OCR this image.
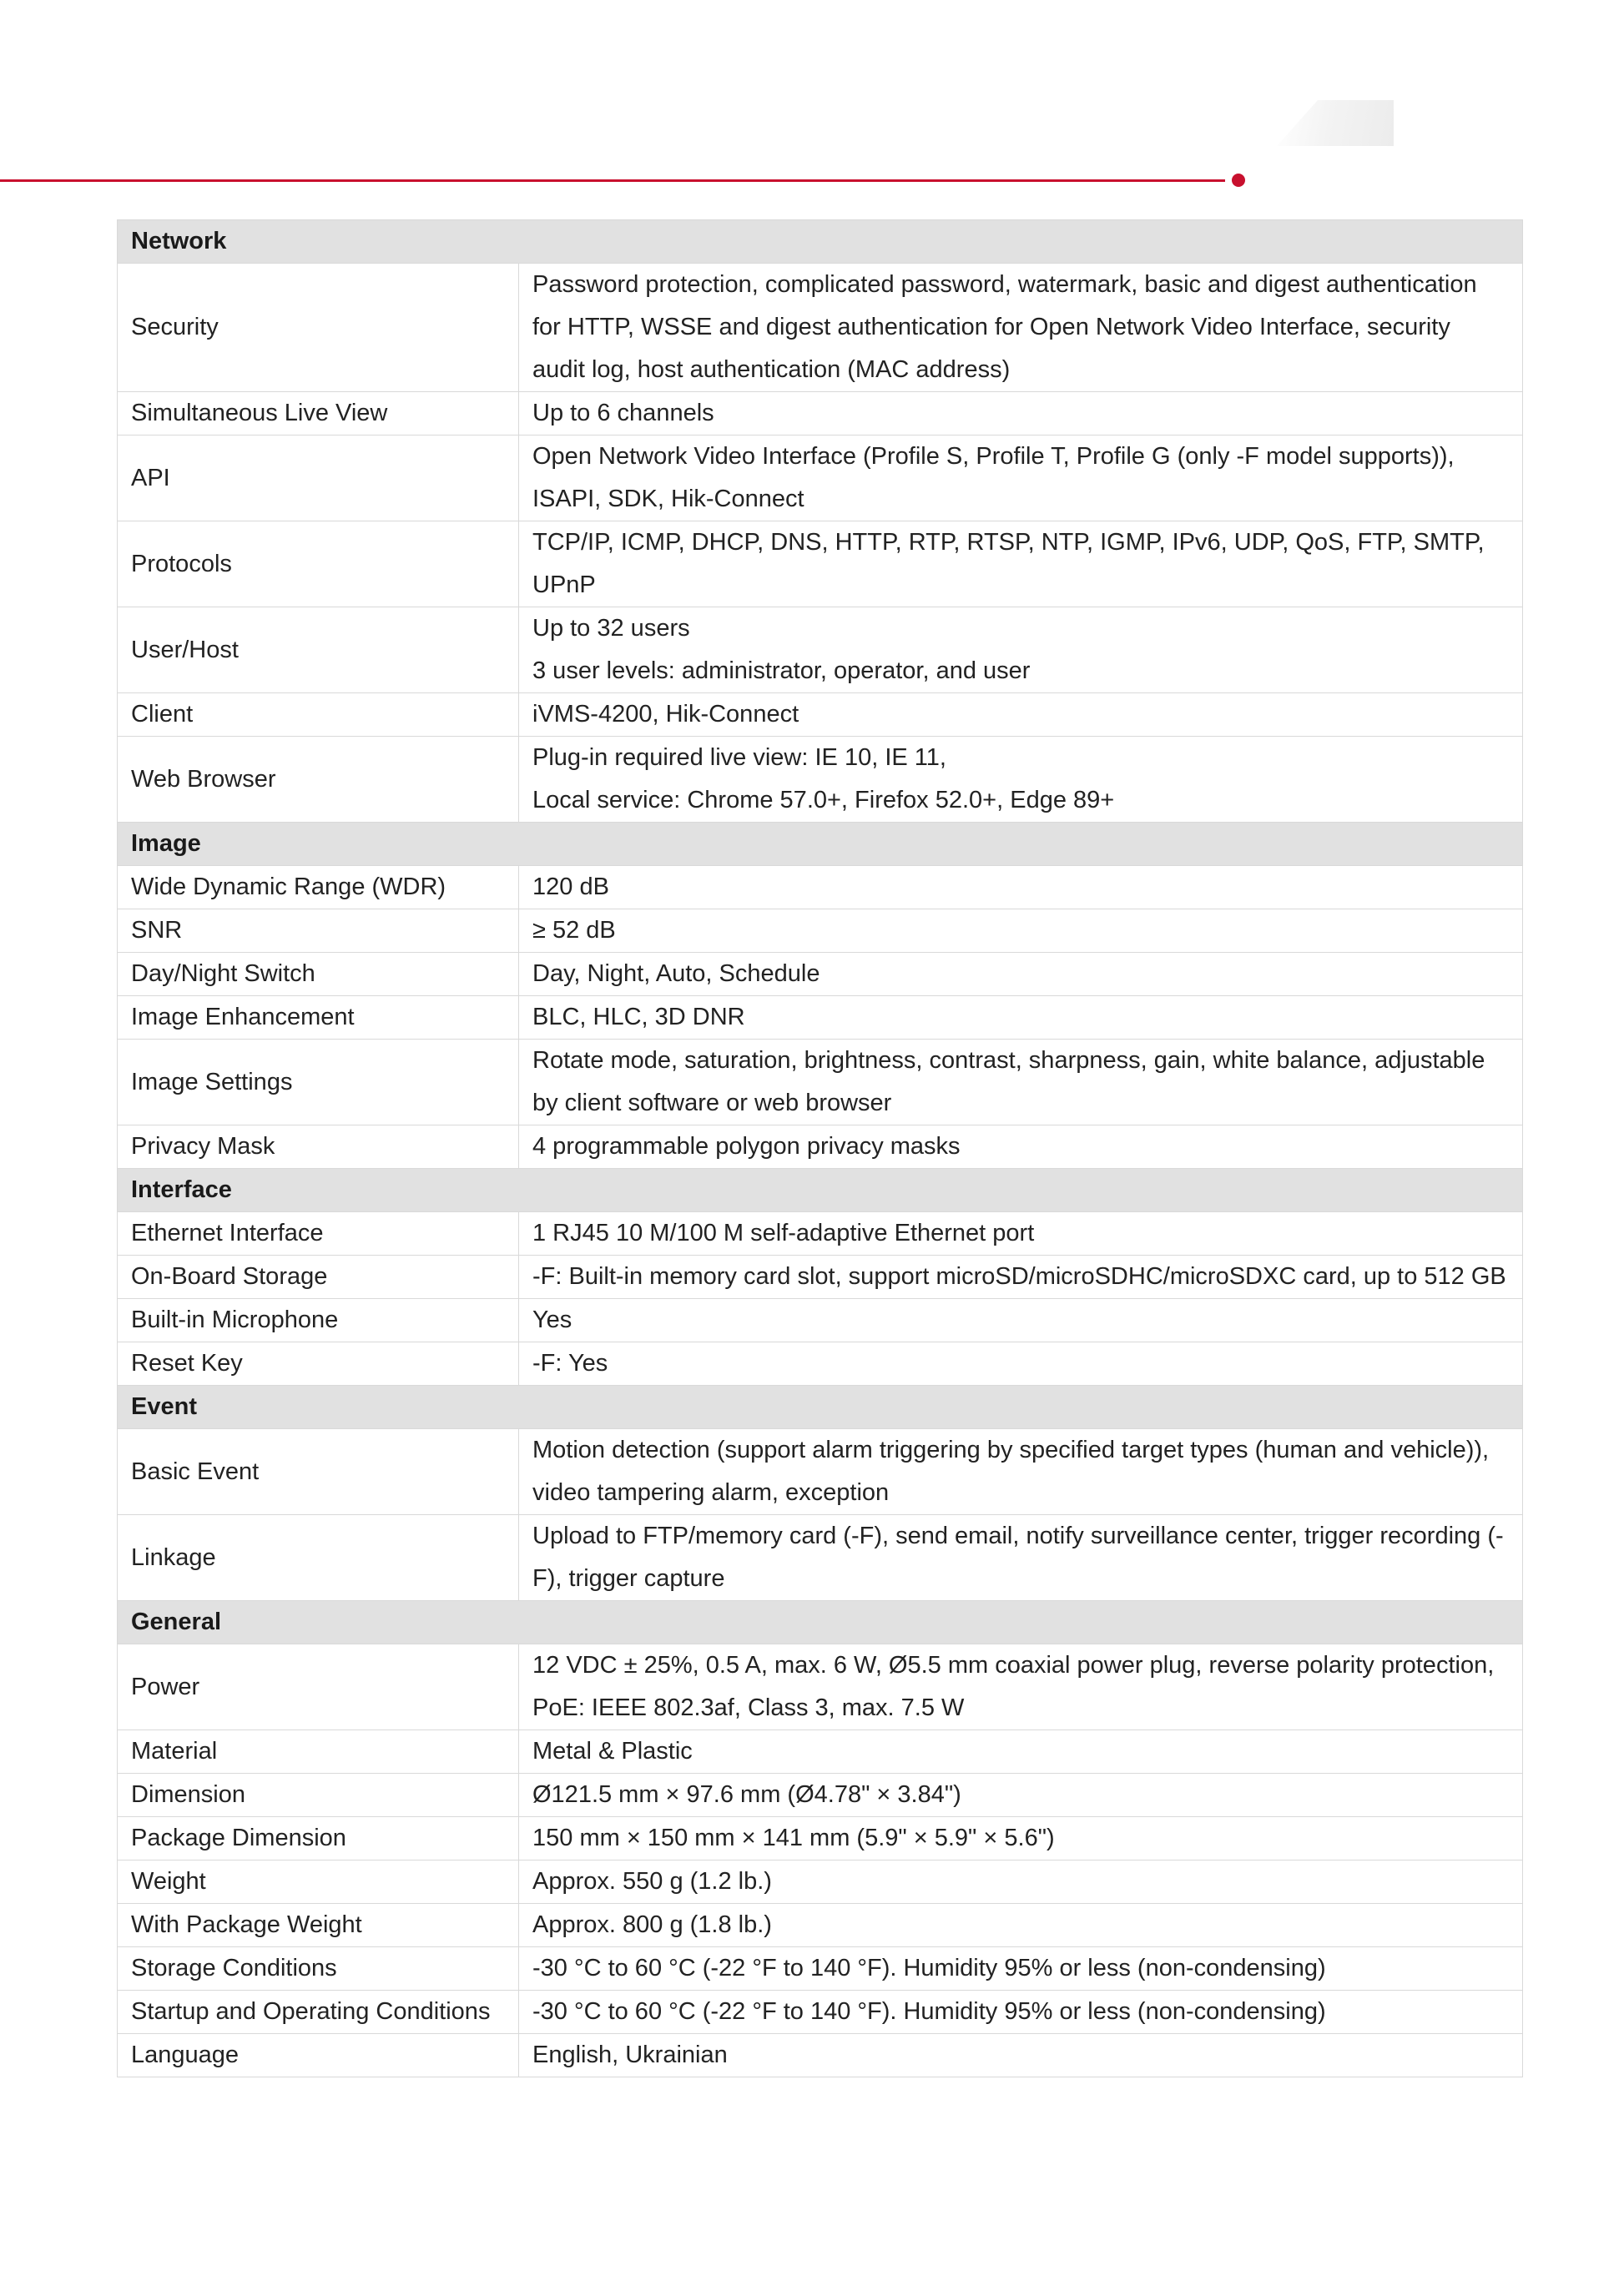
Network	
Security	Password protection, complicated password, watermark, basic and digest authentication for HTTP, WSSE and digest authentication for Open Network Video Interface, security audit log, host authentication (MAC address)
Simultaneous Live View	Up to 6 channels
API	Open Network Video Interface (Profile S, Profile T, Profile G (only -F model supports)), ISAPI, SDK, Hik-Connect
Protocols	TCP/IP, ICMP, DHCP, DNS, HTTP, RTP, RTSP, NTP, IGMP, IPv6, UDP, QoS, FTP, SMTP, UPnP
User/Host	Up to 32 users
3 user levels: administrator, operator, and user
Client	iVMS-4200, Hik-Connect
Web Browser	Plug-in required live view: IE 10, IE 11,
Local service: Chrome 57.0+, Firefox 52.0+, Edge 89+
Image	
Wide Dynamic Range (WDR)	120 dB
SNR	≥ 52 dB
Day/Night Switch	Day, Night, Auto, Schedule
Image Enhancement	BLC, HLC, 3D DNR
Image Settings	Rotate mode, saturation, brightness, contrast, sharpness, gain, white balance, adjustable by client software or web browser
Privacy Mask	4 programmable polygon privacy masks
Interface	
Ethernet Interface	1 RJ45 10 M/100 M self-adaptive Ethernet port
On-Board Storage	-F: Built-in memory card slot, support microSD/microSDHC/microSDXC card, up to 512 GB
Built-in Microphone	Yes
Reset Key	-F: Yes
Event	
Basic Event	Motion detection (support alarm triggering by specified target types (human and vehicle)), video tampering alarm, exception
Linkage	Upload to FTP/memory card (-F), send email, notify surveillance center, trigger recording (-F), trigger capture
General	
Power	12 VDC ± 25%, 0.5 A, max. 6 W, Ø5.5 mm coaxial power plug, reverse polarity protection,
PoE: IEEE 802.3af, Class 3, max. 7.5 W
Material	Metal & Plastic
Dimension	Ø121.5 mm × 97.6 mm (Ø4.78" × 3.84")
Package Dimension	150 mm × 150 mm × 141 mm (5.9" × 5.9" × 5.6")
Weight	Approx. 550 g (1.2 lb.)
With Package Weight	Approx. 800 g (1.8 lb.)
Storage Conditions	-30 °C to 60 °C (-22 °F to 140 °F). Humidity 95% or less (non-condensing)
Startup and Operating Conditions	-30 °C to 60 °C (-22 °F to 140 °F). Humidity 95% or less (non-condensing)
Language	English, Ukrainian
